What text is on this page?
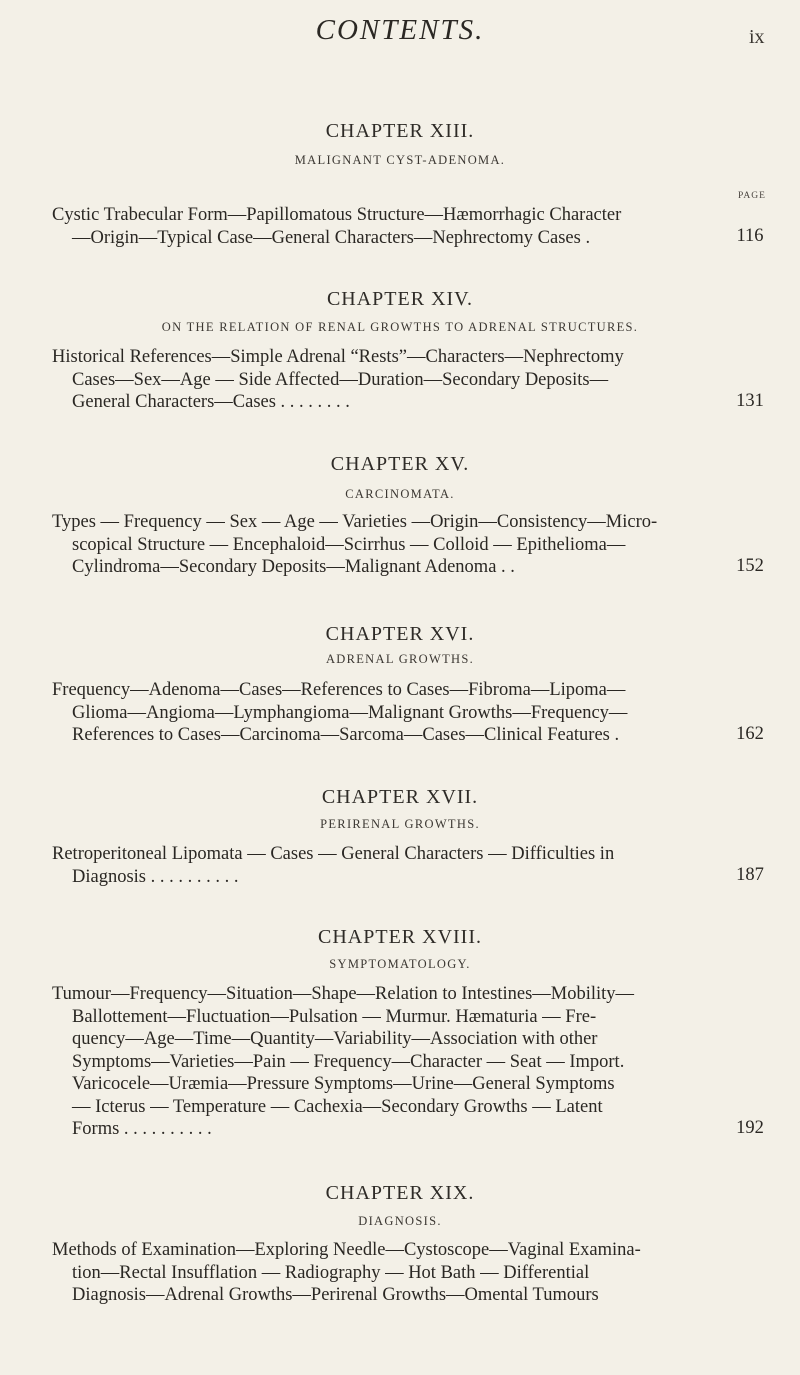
CONTENTS.	ix
CHAPTER XIII.
MALIGNANT CYST-ADENOMA.
PAGE
Cystic Trabecular Form—Papillomatous Structure—Hæmorrhagic Character
—Origin—Typical Case—General Characters—Nephrectomy Cases .	116
CHAPTER XIV.
ON THE RELATION OF RENAL GROWTHS TO ADRENAL STRUCTURES.
Historical References—Simple Adrenal “Rests”—Characters—Nephrectomy
Cases—Sex—Age — Side Affected—Duration—Secondary Deposits—
General Characters—Cases . . . . . . . .	131
CHAPTER XV.
CARCINOMATA.
Types — Frequency — Sex — Age — Varieties —Origin—Consistency—Micro-
scopical Structure — Encephaloid—Scirrhus — Colloid — Epithelioma—
Cylindroma—Secondary Deposits—Malignant Adenoma . .	152
CHAPTER XVI.
ADRENAL GROWTHS.
Frequency—Adenoma—Cases—References to Cases—Fibroma—Lipoma—
Glioma—Angioma—Lymphangioma—Malignant Growths—Frequency—
References to Cases—Carcinoma—Sarcoma—Cases—Clinical Features .	162
CHAPTER XVII.
PERIRENAL GROWTHS.
Retroperitoneal Lipomata — Cases — General Characters — Difficulties in
Diagnosis . . . . . . . . . .	187
CHAPTER XVIII.
SYMPTOMATOLOGY.
Tumour—Frequency—Situation—Shape—Relation to Intestines—Mobility—
Ballottement—Fluctuation—Pulsation — Murmur. Hæmaturia — Fre-
quency—Age—Time—Quantity—Variability—Association with other
Symptoms—Varieties—Pain — Frequency—Character — Seat — Import.
Varicocele—Uræmia—Pressure Symptoms—Urine—General Symptoms
— Icterus — Temperature — Cachexia—Secondary Growths — Latent
Forms . . . . . . . . . .	192
CHAPTER XIX.
DIAGNOSIS.
Methods of Examination—Exploring Needle—Cystoscope—Vaginal Examina-
tion—Rectal Insufflation — Radiography — Hot Bath — Differential
Diagnosis—Adrenal Growths—Perirenal Growths—Omental Tumours
